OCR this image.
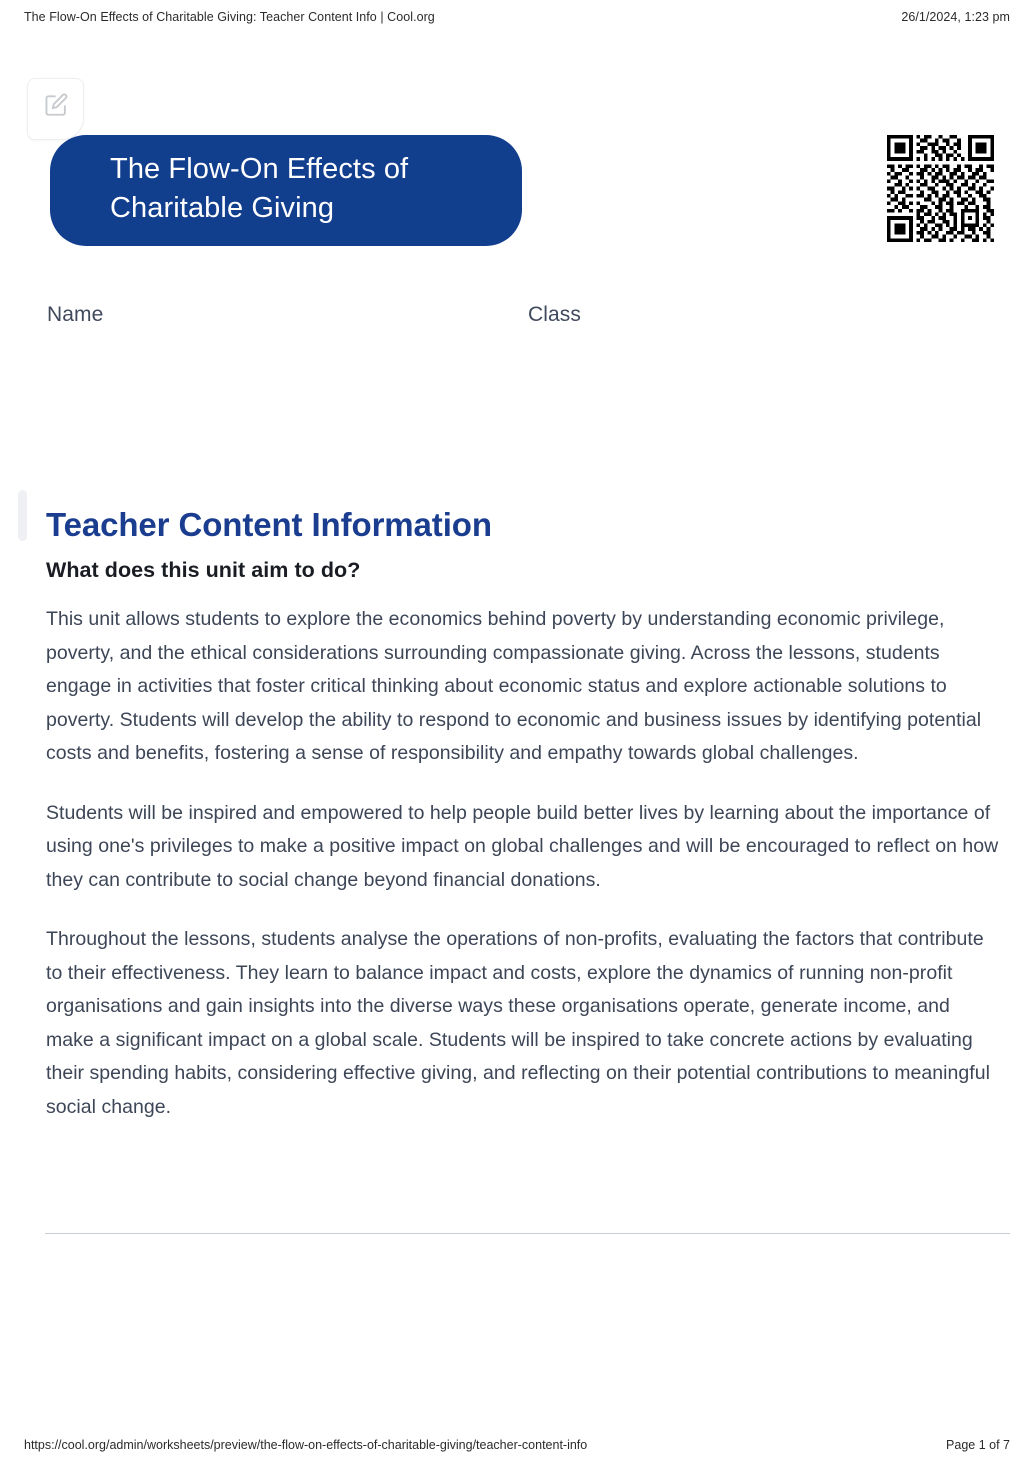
The Flow-On Effects of Charitable Giving: Teacher Content Info | Cool.org	26/1/2024, 1:23 pm
The Flow-On Effects of Charitable Giving
Name	Class
Teacher Content Information
What does this unit aim to do?

This unit allows students to explore the economics behind poverty by understanding economic privilege, poverty, and the ethical considerations surrounding compassionate giving. Across the lessons, students engage in activities that foster critical thinking about economic status and explore actionable solutions to poverty. Students will develop the ability to respond to economic and business issues by identifying potential costs and benefits, fostering a sense of responsibility and empathy towards global challenges.

Students will be inspired and empowered to help people build better lives by learning about the importance of using one's privileges to make a positive impact on global challenges and will be encouraged to reflect on how they can contribute to social change beyond financial donations.

Throughout the lessons, students analyse the operations of non-profits, evaluating the factors that contribute to their effectiveness. They learn to balance impact and costs, explore the dynamics of running non-profit organisations and gain insights into the diverse ways these organisations operate, generate income, and make a significant impact on a global scale. Students will be inspired to take concrete actions by evaluating their spending habits, considering effective giving, and reflecting on their potential contributions to meaningful social change.

https://cool.org/admin/worksheets/preview/the-flow-on-effects-of-charitable-giving/teacher-content-info	Page 1 of 7
